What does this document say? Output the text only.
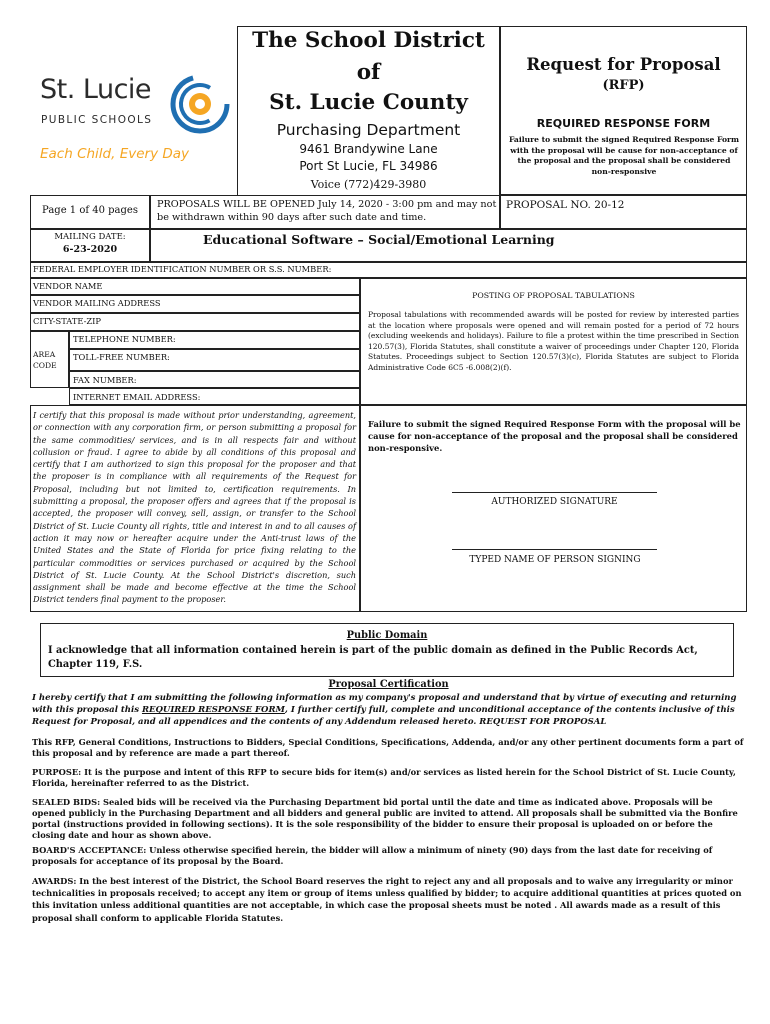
St. Lucie
PUBLIC SCHOOLS
Each Child, Every Day
The School District
of
St. Lucie County
Purchasing Department
9461 Brandywine Lane
Port St Lucie, FL 34986
Voice (772)429-3980
Request for Proposal
(RFP)
REQUIRED RESPONSE FORM
Failure to submit the signed Required Response Form with the proposal will be cause for non-acceptance of the proposal and the proposal shall be considered non-responsive
Page 1 of 40 pages
PROPOSALS WILL BE OPENED July 14, 2020 - 3:00 pm and may not be withdrawn within 90 days after such date and time.
PROPOSAL NO. 20-12
MAILING DATE:
6-23-2020
Educational Software – Social/Emotional Learning
FEDERAL EMPLOYER IDENTIFICATION NUMBER OR S.S. NUMBER:
VENDOR NAME
VENDOR MAILING ADDRESS
CITY-STATE-ZIP
AREA
CODE
TELEPHONE NUMBER:
TOLL-FREE NUMBER:
FAX NUMBER:
INTERNET EMAIL ADDRESS:
POSTING OF PROPOSAL TABULATIONS
Proposal tabulations with recommended awards will be posted for review by interested parties at the location where proposals were opened and will remain posted for a period of 72 hours (excluding weekends and holidays). Failure to file a protest within the time prescribed in Section 120.57(3), Florida Statutes, shall constitute a waiver of proceedings under Chapter 120, Florida Statutes. Proceedings subject to Section 120.57(3)(c), Florida Statutes are subject to Florida Administrative Code 6C5 -6.008(2)(f).
I certify that this proposal is made without prior understanding, agreement, or connection with any corporation firm, or person submitting a proposal for the same commodities/ services, and is in all respects fair and without collusion or fraud. I agree to abide by all conditions of this proposal and certify that I am authorized to sign this proposal for the proposer and that the proposer is in compliance with all requirements of the Request for Proposal, including but not limited to, certification requirements. In submitting a proposal, the proposer offers and agrees that if the proposal is accepted, the proposer will convey, sell, assign, or transfer to the School District of St. Lucie County all rights, title and interest in and to all causes of action it may now or hereafter acquire under the Anti-trust laws of the United States and the State of Florida for price fixing relating to the particular commodities or services purchased or acquired by the School District of St. Lucie County. At the School District's discretion, such assignment shall be made and become effective at the time the School District tenders final payment to the proposer.
Failure to submit the signed Required Response Form with the proposal will be cause for non-acceptance of the proposal and the proposal shall be considered non-responsive.
AUTHORIZED SIGNATURE
TYPED NAME OF PERSON SIGNING
Public Domain
I acknowledge that all information contained herein is part of the public domain as defined in the Public Records Act, Chapter 119, F.S.
Proposal Certification
I hereby certify that I am submitting the following information as my company's proposal and understand that by virtue of executing and returning with this proposal this REQUIRED RESPONSE FORM, I further certify full, complete and unconditional acceptance of the contents inclusive of this Request for Proposal, and all appendices and the contents of any Addendum released hereto. REQUEST FOR PROPOSAL
This RFP, General Conditions, Instructions to Bidders, Special Conditions, Specifications, Addenda, and/or any other pertinent documents form a part of this proposal and by reference are made a part thereof.
PURPOSE: It is the purpose and intent of this RFP to secure bids for item(s) and/or services as listed herein for the School District of St. Lucie County, Florida, hereinafter referred to as the District.
SEALED BIDS: Sealed bids will be received via the Purchasing Department bid portal until the date and time as indicated above. Proposals will be opened publicly in the Purchasing Department and all bidders and general public are invited to attend. All proposals shall be submitted via the Bonfire portal (instructions provided in following sections). It is the sole responsibility of the bidder to ensure their proposal is uploaded on or before the closing date and hour as shown above.
BOARD'S ACCEPTANCE: Unless otherwise specified herein, the bidder will allow a minimum of ninety (90) days from the last date for receiving of proposals for acceptance of its proposal by the Board.
AWARDS: In the best interest of the District, the School Board reserves the right to reject any and all proposals and to waive any irregularity or minor technicalities in proposals received; to accept any item or group of items unless qualified by bidder; to acquire additional quantities at prices quoted on this invitation unless additional quantities are not acceptable, in which case the proposal sheets must be noted . All awards made as a result of this proposal shall conform to applicable Florida Statutes.
